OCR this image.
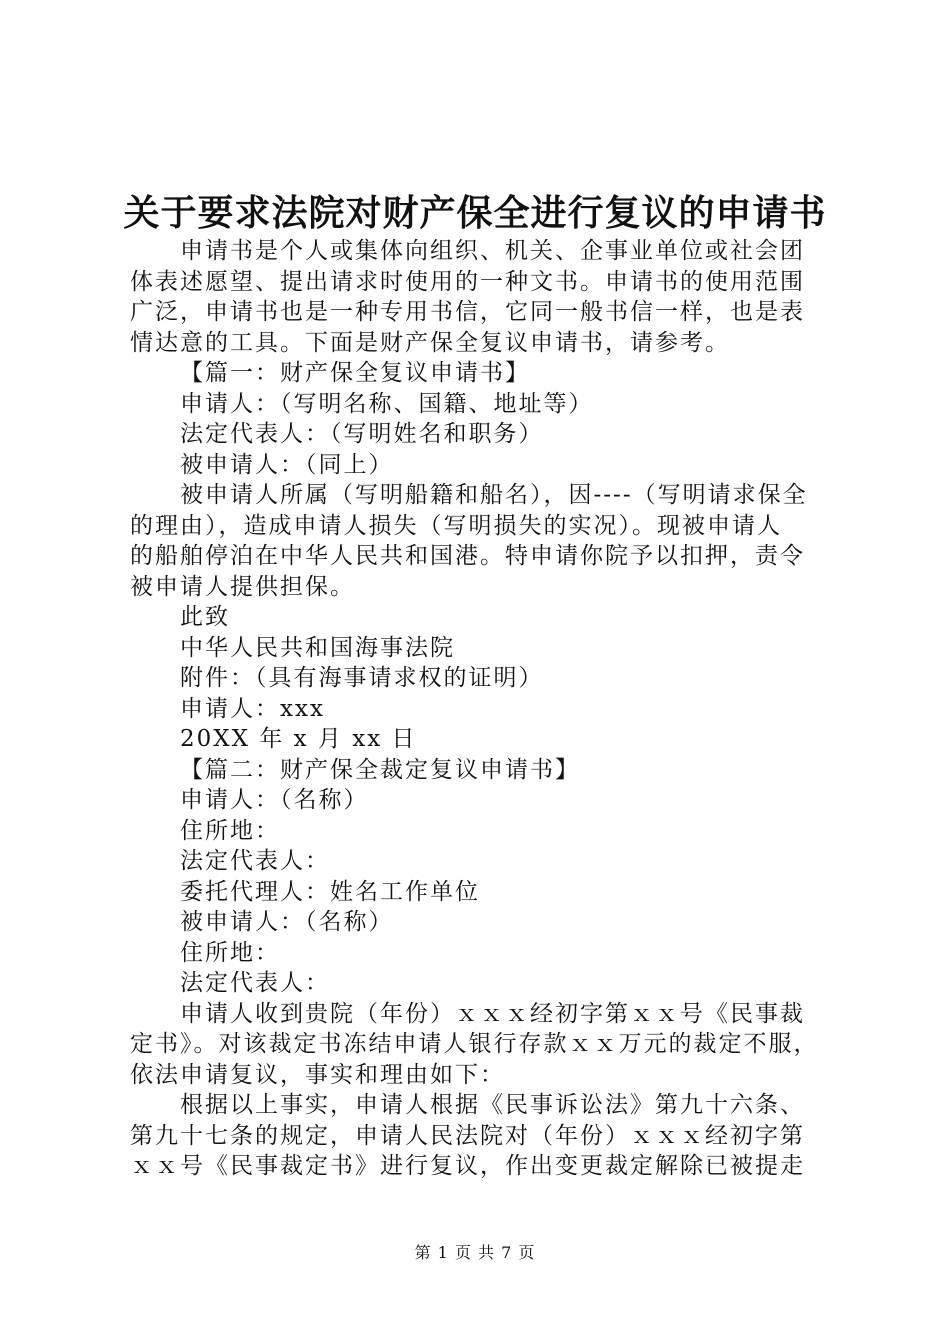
关于要求法院对财产保全进行复议的申请书
申请书是个人或集体向组织、机关、企事业单位或社会团
体表述愿望、提出请求时使用的一种文书。申请书的使用范围
广泛，申请书也是一种专用书信，它同一般书信一样，也是表
情达意的工具。下面是财产保全复议申请书，请参考。
【篇一：财产保全复议申请书】
申请人：（写明名称、国籍、地址等）
法定代表人：（写明姓名和职务）
被申请人：（同上）
被申请人所属（写明船籍和船名），因----（写明请求保全
的理由），造成申请人损失（写明损失的实况）。现被申请人
的船舶停泊在中华人民共和国港。特申请你院予以扣押，责令
被申请人提供担保。
此致
中华人民共和国海事法院
附件：（具有海事请求权的证明）
申请人：xxx
20XX 年 x 月 xx 日
【篇二：财产保全裁定复议申请书】
申请人：（名称）
住所地：
法定代表人：
委托代理人：姓名工作单位
被申请人：（名称）
住所地：
法定代表人：
申请人收到贵院（年份）ｘｘｘ经初字第ｘｘ号《民事裁
定书》。对该裁定书冻结申请人银行存款ｘｘ万元的裁定不服，
依法申请复议，事实和理由如下：
根据以上事实，申请人根据《民事诉讼法》第九十六条、
第九十七条的规定，申请人民法院对（年份）ｘｘｘ经初字第
ｘｘ号《民事裁定书》进行复议，作出变更裁定解除已被提走
第 1 页 共 7 页
